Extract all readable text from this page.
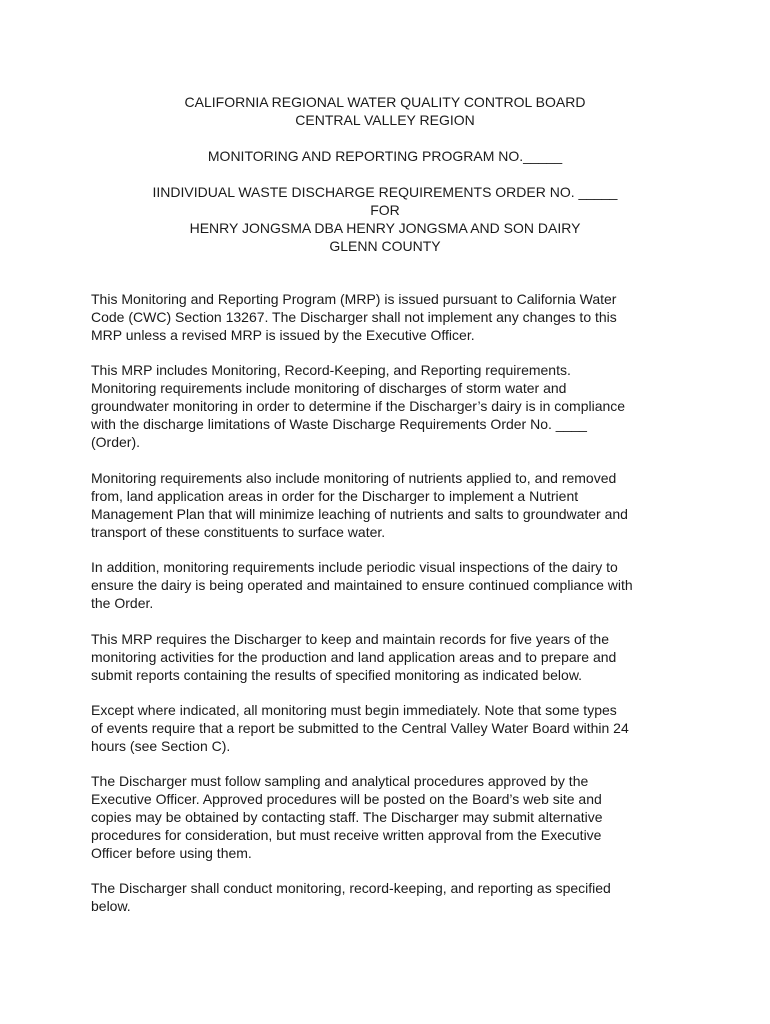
CALIFORNIA REGIONAL WATER QUALITY CONTROL BOARD
CENTRAL VALLEY REGION
MONITORING AND REPORTING PROGRAM NO._____
IINDIVIDUAL WASTE DISCHARGE REQUIREMENTS ORDER NO. _____
FOR
HENRY JONGSMA DBA HENRY JONGSMA AND SON DAIRY
GLENN COUNTY
This Monitoring and Reporting Program (MRP) is issued pursuant to California Water
Code (CWC) Section 13267. The Discharger shall not implement any changes to this
MRP unless a revised MRP is issued by the Executive Officer.
This MRP includes Monitoring, Record-Keeping, and Reporting requirements.
Monitoring requirements include monitoring of discharges of storm water and
groundwater monitoring in order to determine if the Discharger’s dairy is in compliance
with the discharge limitations of Waste Discharge Requirements Order No. ____
(Order).
Monitoring requirements also include monitoring of nutrients applied to, and removed
from, land application areas in order for the Discharger to implement a Nutrient
Management Plan that will minimize leaching of nutrients and salts to groundwater and
transport of these constituents to surface water.
In addition, monitoring requirements include periodic visual inspections of the dairy to
ensure the dairy is being operated and maintained to ensure continued compliance with
the Order.
This MRP requires the Discharger to keep and maintain records for five years of the
monitoring activities for the production and land application areas and to prepare and
submit reports containing the results of specified monitoring as indicated below.
Except where indicated, all monitoring must begin immediately. Note that some types
of events require that a report be submitted to the Central Valley Water Board within 24
hours (see Section C).
The Discharger must follow sampling and analytical procedures approved by the
Executive Officer. Approved procedures will be posted on the Board’s web site and
copies may be obtained by contacting staff. The Discharger may submit alternative
procedures for consideration, but must receive written approval from the Executive
Officer before using them.
The Discharger shall conduct monitoring, record-keeping, and reporting as specified
below.
